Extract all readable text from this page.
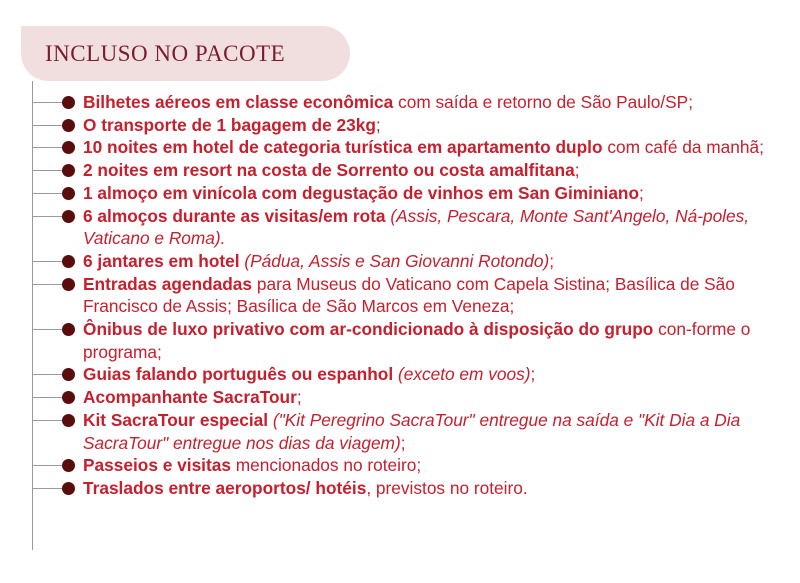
INCLUSO NO PACOTE
Bilhetes aéreos em classe econômica com saída e retorno de São Paulo/SP;
O transporte de 1 bagagem de 23kg;
10 noites em hotel de categoria turística em apartamento duplo com café da manhã;
2 noites em resort na costa de Sorrento ou costa amalfitana;
1 almoço em vinícola com degustação de vinhos em San Giminiano;
6 almoços durante as visitas/em rota (Assis, Pescara, Monte Sant'Angelo, Ná-poles, Vaticano e Roma).
6 jantares em hotel (Pádua, Assis e San Giovanni Rotondo);
Entradas agendadas para Museus do Vaticano com Capela Sistina; Basílica de São Francisco de Assis; Basílica de São Marcos em Veneza;
Ônibus de luxo privativo com ar-condicionado à disposição do grupo con-forme o programa;
Guias falando português ou espanhol (exceto em voos);
Acompanhante SacraTour;
Kit SacraTour especial ("Kit Peregrino SacraTour" entregue na saída e "Kit Dia a Dia SacraTour" entregue nos dias da viagem);
Passeios e visitas mencionados no roteiro;
Traslados entre aeroportos/ hotéis, previstos no roteiro.
